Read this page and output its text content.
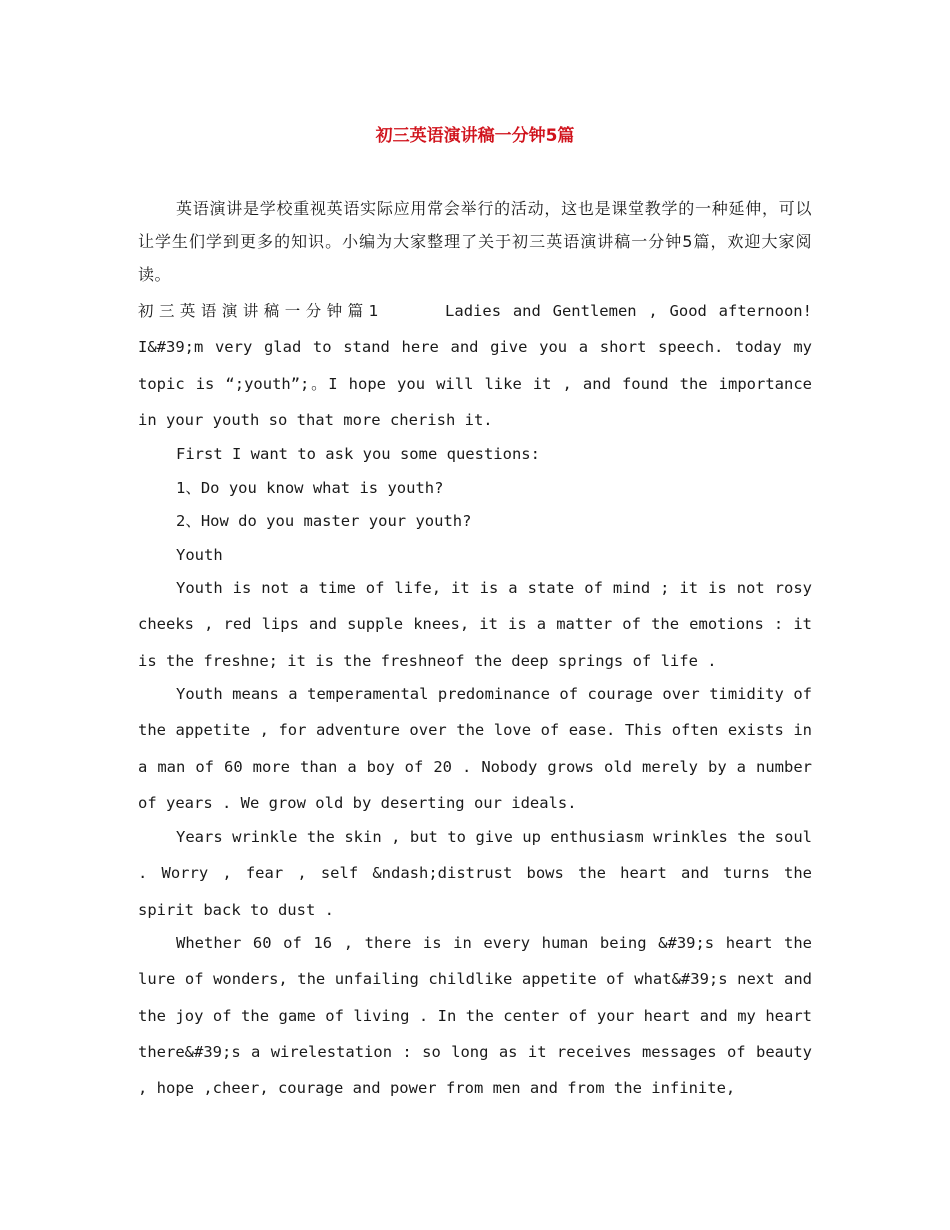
初三英语演讲稿一分钟5篇

英语演讲是学校重视英语实际应用常会举行的活动，这也是课堂教学的一种延伸，可以让学生们学到更多的知识。小编为大家整理了关于初三英语演讲稿一分钟5篇，欢迎大家阅读。

初三英语演讲稿一分钟篇1	Ladies and Gentlemen , Good afternoon! I&#39;m very glad to stand here and give you a short speech. today my topic is “;youth”;。I hope you will like it , and found the importance in your youth so that more cherish it.

First I want to ask you some questions:

1、Do you know what is youth?

2、How do you master your youth?

Youth

Youth is not a time of life, it is a state of mind ; it is not rosy cheeks , red lips and supple knees, it is a matter of the emotions : it is the freshne; it is the freshneof the deep springs of life .

Youth means a temperamental predominance of courage over timidity of the appetite , for adventure over the love of ease. This often exists in a man of 60 more than a boy of 20 . Nobody grows old merely by a number of years . We grow old by deserting our ideals.

Years wrinkle the skin , but to give up enthusiasm wrinkles the soul . Worry , fear , self &ndash;distrust bows the heart and turns the spirit back to dust .

Whether 60 of 16 , there is in every human being &#39;s heart the lure of wonders, the unfailing childlike appetite of what&#39;s next and the joy of the game of living . In the center of your heart and my heart there&#39;s a wirelestation : so long as it receives messages of beauty , hope ,cheer, courage and power from men and from the infinite,
